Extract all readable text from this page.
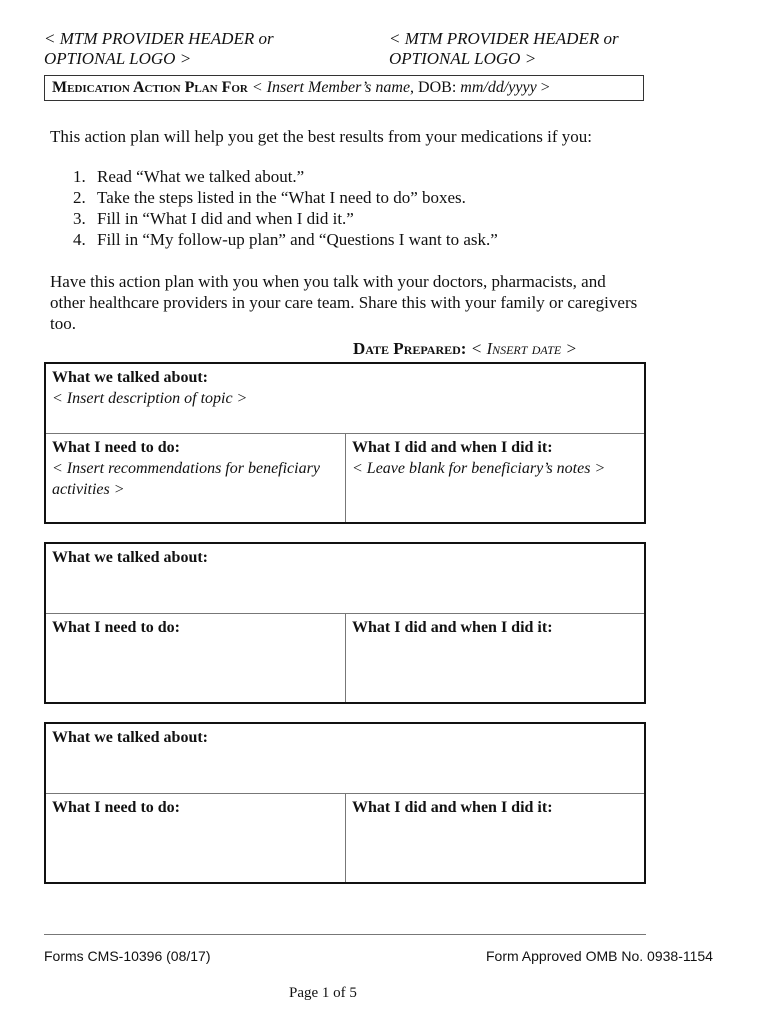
< MTM PROVIDER HEADER or
OPTIONAL LOGO >
< MTM PROVIDER HEADER or
OPTIONAL LOGO >
Medication Action Plan For < Insert Member’s name, DOB: mm/dd/yyyy >
This action plan will help you get the best results from your medications if you:
1. Read “What we talked about.”
2. Take the steps listed in the “What I need to do” boxes.
3. Fill in “What I did and when I did it.”
4. Fill in “My follow-up plan” and “Questions I want to ask.”
Have this action plan with you when you talk with your doctors, pharmacists, and other healthcare providers in your care team. Share this with your family or caregivers too.
Date Prepared: < Insert date >
What we talked about:
< Insert description of topic >
What I need to do:
< Insert recommendations for beneficiary activities >
What I did and when I did it:
< Leave blank for beneficiary’s notes >
What we talked about:
What I need to do:	What I did and when I did it:
What we talked about:
What I need to do:	What I did and when I did it:
Forms CMS-10396 (08/17)	Form Approved OMB No. 0938-1154
Page 1 of 5
